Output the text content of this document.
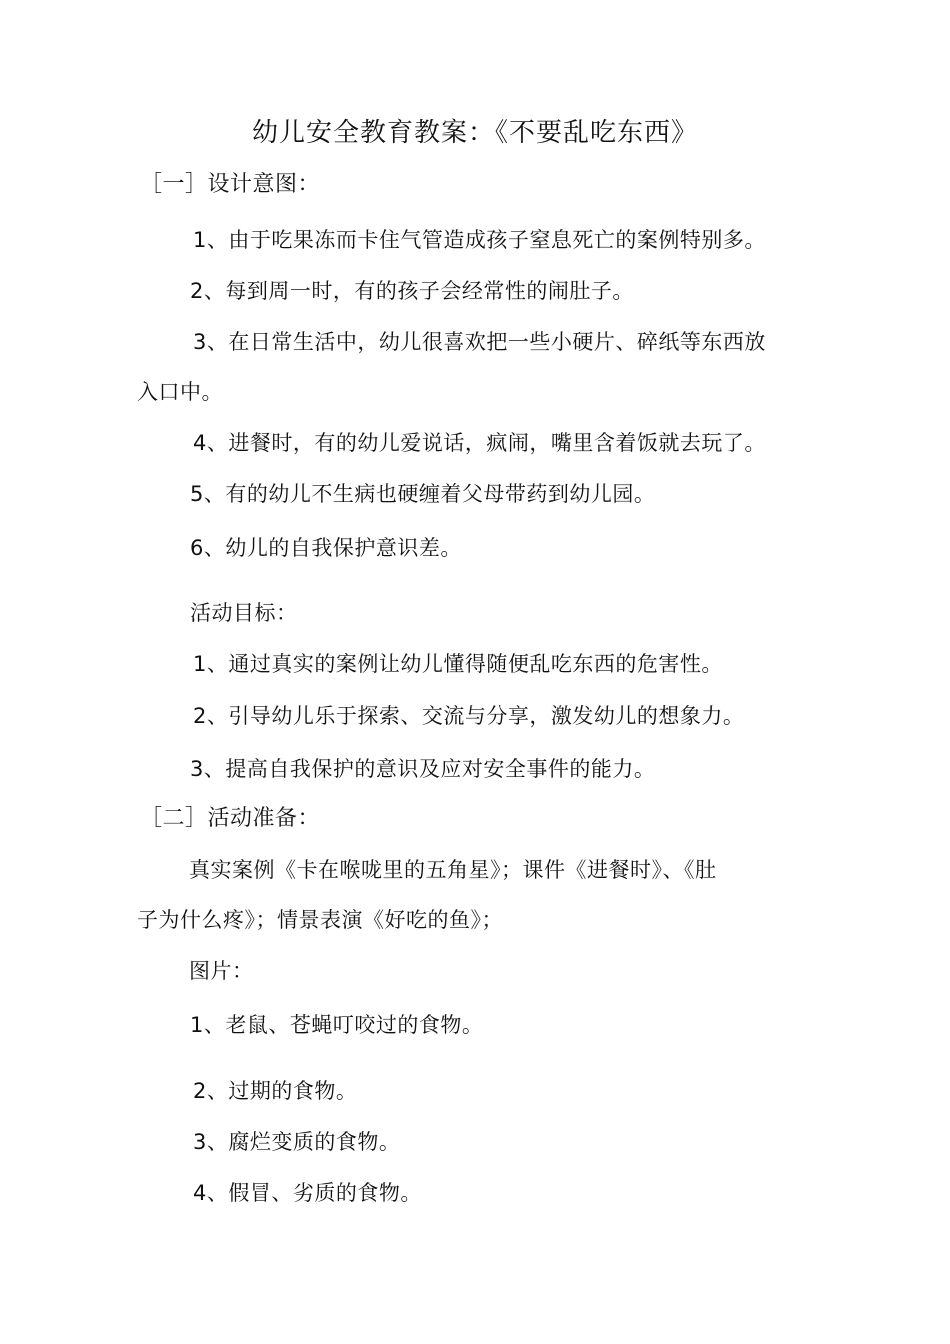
幼儿安全教育教案：《不要乱吃东西》
［一］设计意图：
1、由于吃果冻而卡住气管造成孩子窒息死亡的案例特别多。
2、每到周一时，有的孩子会经常性的闹肚子。
3、在日常生活中，幼儿很喜欢把一些小硬片、碎纸等东西放
入口中。
4、进餐时，有的幼儿爱说话，疯闹，嘴里含着饭就去玩了。
5、有的幼儿不生病也硬缠着父母带药到幼儿园。
6、幼儿的自我保护意识差。
活动目标：
1、通过真实的案例让幼儿懂得随便乱吃东西的危害性。
2、引导幼儿乐于探索、交流与分享，激发幼儿的想象力。
3、提高自我保护的意识及应对安全事件的能力。
［二］活动准备：
真实案例《卡在喉咙里的五角星》；课件《进餐时》、《肚
子为什么疼》；情景表演《好吃的鱼》；
图片：
1、老鼠、苍蝇叮咬过的食物。
2、过期的食物。
3、腐烂变质的食物。
4、假冒、劣质的食物。
